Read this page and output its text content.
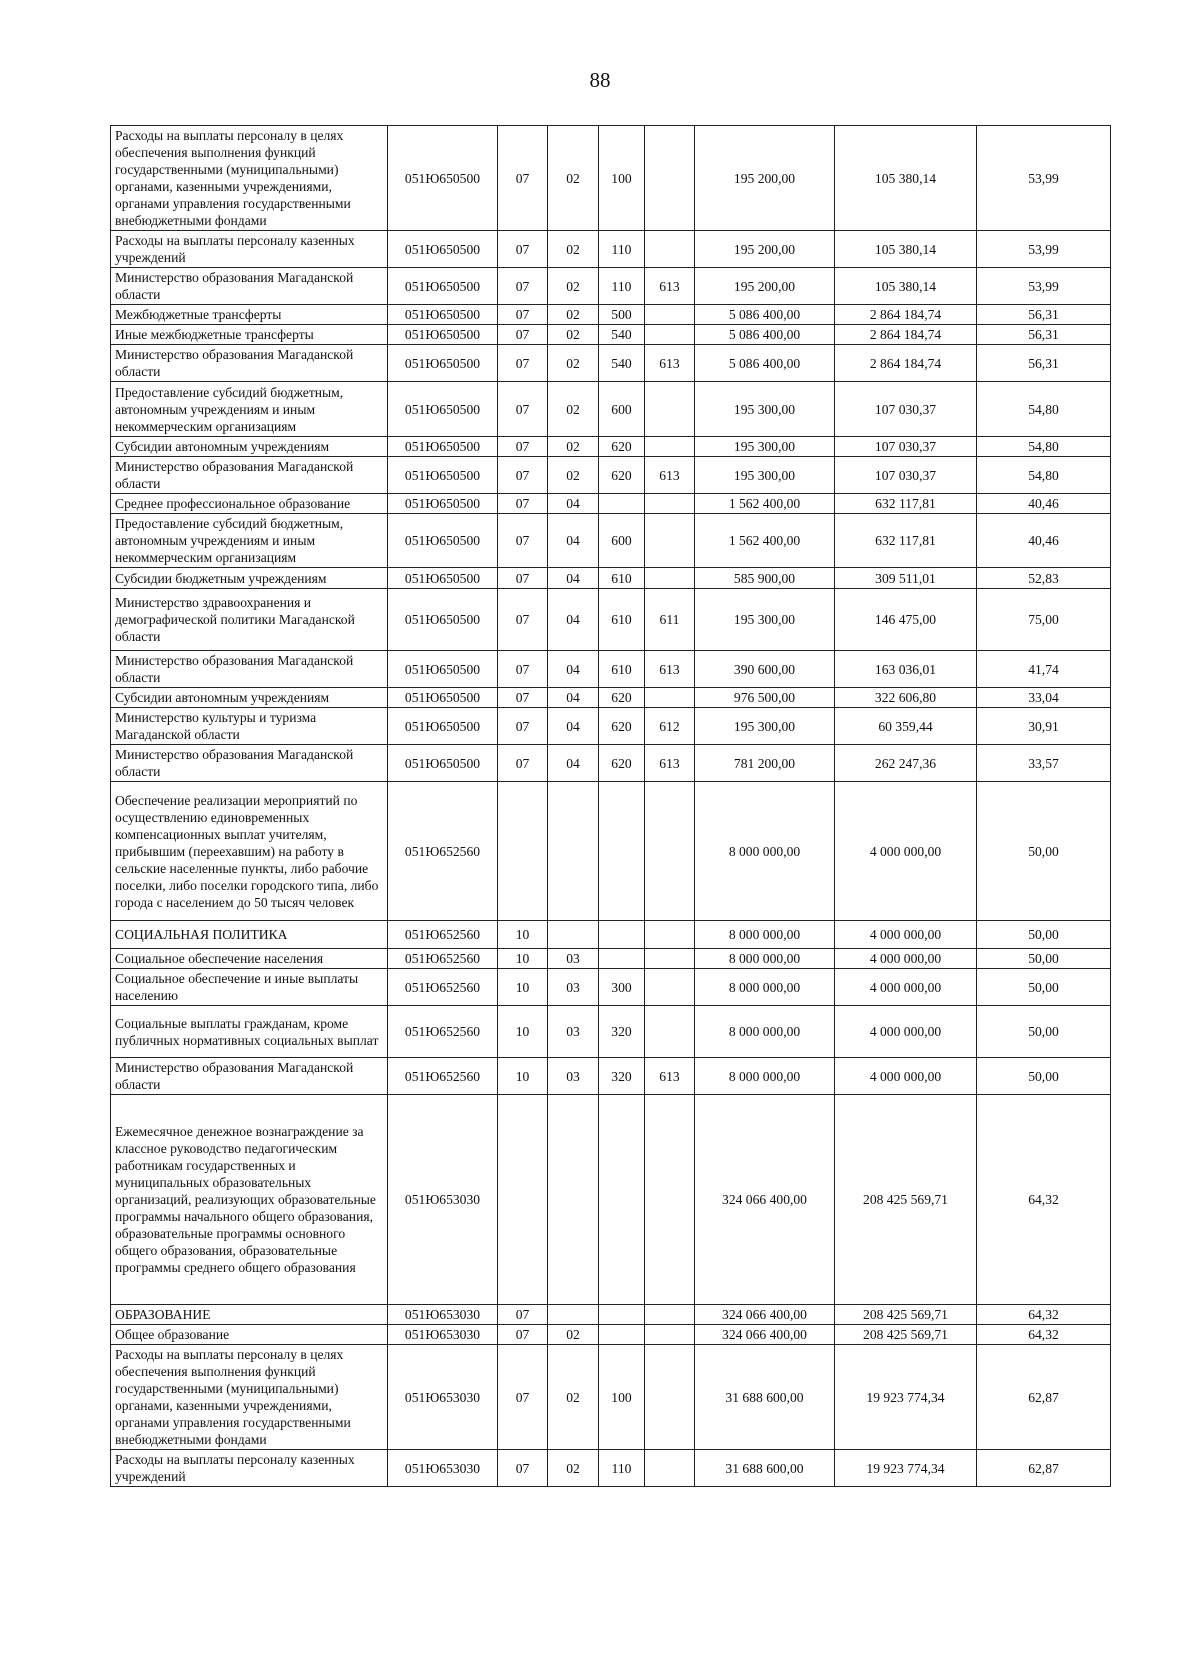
88
Расходы на выплаты персоналу в целях обеспечения выполнения функций государственными (муниципальными) органами, казенными учреждениями, органами управления государственными внебюджетными фондами	051Ю650500	07	02	100		195 200,00	105 380,14	53,99
Расходы на выплаты персоналу казенных учреждений	051Ю650500	07	02	110		195 200,00	105 380,14	53,99
Министерство образования Магаданской области	051Ю650500	07	02	110	613	195 200,00	105 380,14	53,99
Межбюджетные трансферты	051Ю650500	07	02	500		5 086 400,00	2 864 184,74	56,31
Иные межбюджетные трансферты	051Ю650500	07	02	540		5 086 400,00	2 864 184,74	56,31
Министерство образования Магаданской области	051Ю650500	07	02	540	613	5 086 400,00	2 864 184,74	56,31
Предоставление субсидий бюджетным, автономным учреждениям и иным некоммерческим организациям	051Ю650500	07	02	600		195 300,00	107 030,37	54,80
Субсидии автономным учреждениям	051Ю650500	07	02	620		195 300,00	107 030,37	54,80
Министерство образования Магаданской области	051Ю650500	07	02	620	613	195 300,00	107 030,37	54,80
Среднее профессиональное образование	051Ю650500	07	04			1 562 400,00	632 117,81	40,46
Предоставление субсидий бюджетным, автономным учреждениям и иным некоммерческим организациям	051Ю650500	07	04	600		1 562 400,00	632 117,81	40,46
Субсидии бюджетным учреждениям	051Ю650500	07	04	610		585 900,00	309 511,01	52,83
Министерство здравоохранения и демографической политики Магаданской области	051Ю650500	07	04	610	611	195 300,00	146 475,00	75,00
Министерство образования Магаданской области	051Ю650500	07	04	610	613	390 600,00	163 036,01	41,74
Субсидии автономным учреждениям	051Ю650500	07	04	620		976 500,00	322 606,80	33,04
Министерство культуры и туризма Магаданской области	051Ю650500	07	04	620	612	195 300,00	60 359,44	30,91
Министерство образования Магаданской области	051Ю650500	07	04	620	613	781 200,00	262 247,36	33,57
Обеспечение реализации мероприятий по осуществлению единовременных компенсационных выплат учителям, прибывшим (переехавшим) на работу в сельские населенные пункты, либо рабочие поселки, либо поселки городского типа, либо города с населением до 50 тысяч человек	051Ю652560					8 000 000,00	4 000 000,00	50,00
СОЦИАЛЬНАЯ ПОЛИТИКА	051Ю652560	10				8 000 000,00	4 000 000,00	50,00
Социальное обеспечение населения	051Ю652560	10	03			8 000 000,00	4 000 000,00	50,00
Социальное обеспечение и иные выплаты населению	051Ю652560	10	03	300		8 000 000,00	4 000 000,00	50,00
Социальные выплаты гражданам, кроме публичных нормативных социальных выплат	051Ю652560	10	03	320		8 000 000,00	4 000 000,00	50,00
Министерство образования Магаданской области	051Ю652560	10	03	320	613	8 000 000,00	4 000 000,00	50,00
Ежемесячное денежное вознаграждение за классное руководство педагогическим работникам государственных и муниципальных образовательных организаций, реализующих образовательные программы начального общего образования, образовательные программы основного общего образования, образовательные программы среднего общего образования	051Ю653030					324 066 400,00	208 425 569,71	64,32
ОБРАЗОВАНИЕ	051Ю653030	07				324 066 400,00	208 425 569,71	64,32
Общее образование	051Ю653030	07	02			324 066 400,00	208 425 569,71	64,32
Расходы на выплаты персоналу в целях обеспечения выполнения функций государственными (муниципальными) органами, казенными учреждениями, органами управления государственными внебюджетными фондами	051Ю653030	07	02	100		31 688 600,00	19 923 774,34	62,87
Расходы на выплаты персоналу казенных учреждений	051Ю653030	07	02	110		31 688 600,00	19 923 774,34	62,87
